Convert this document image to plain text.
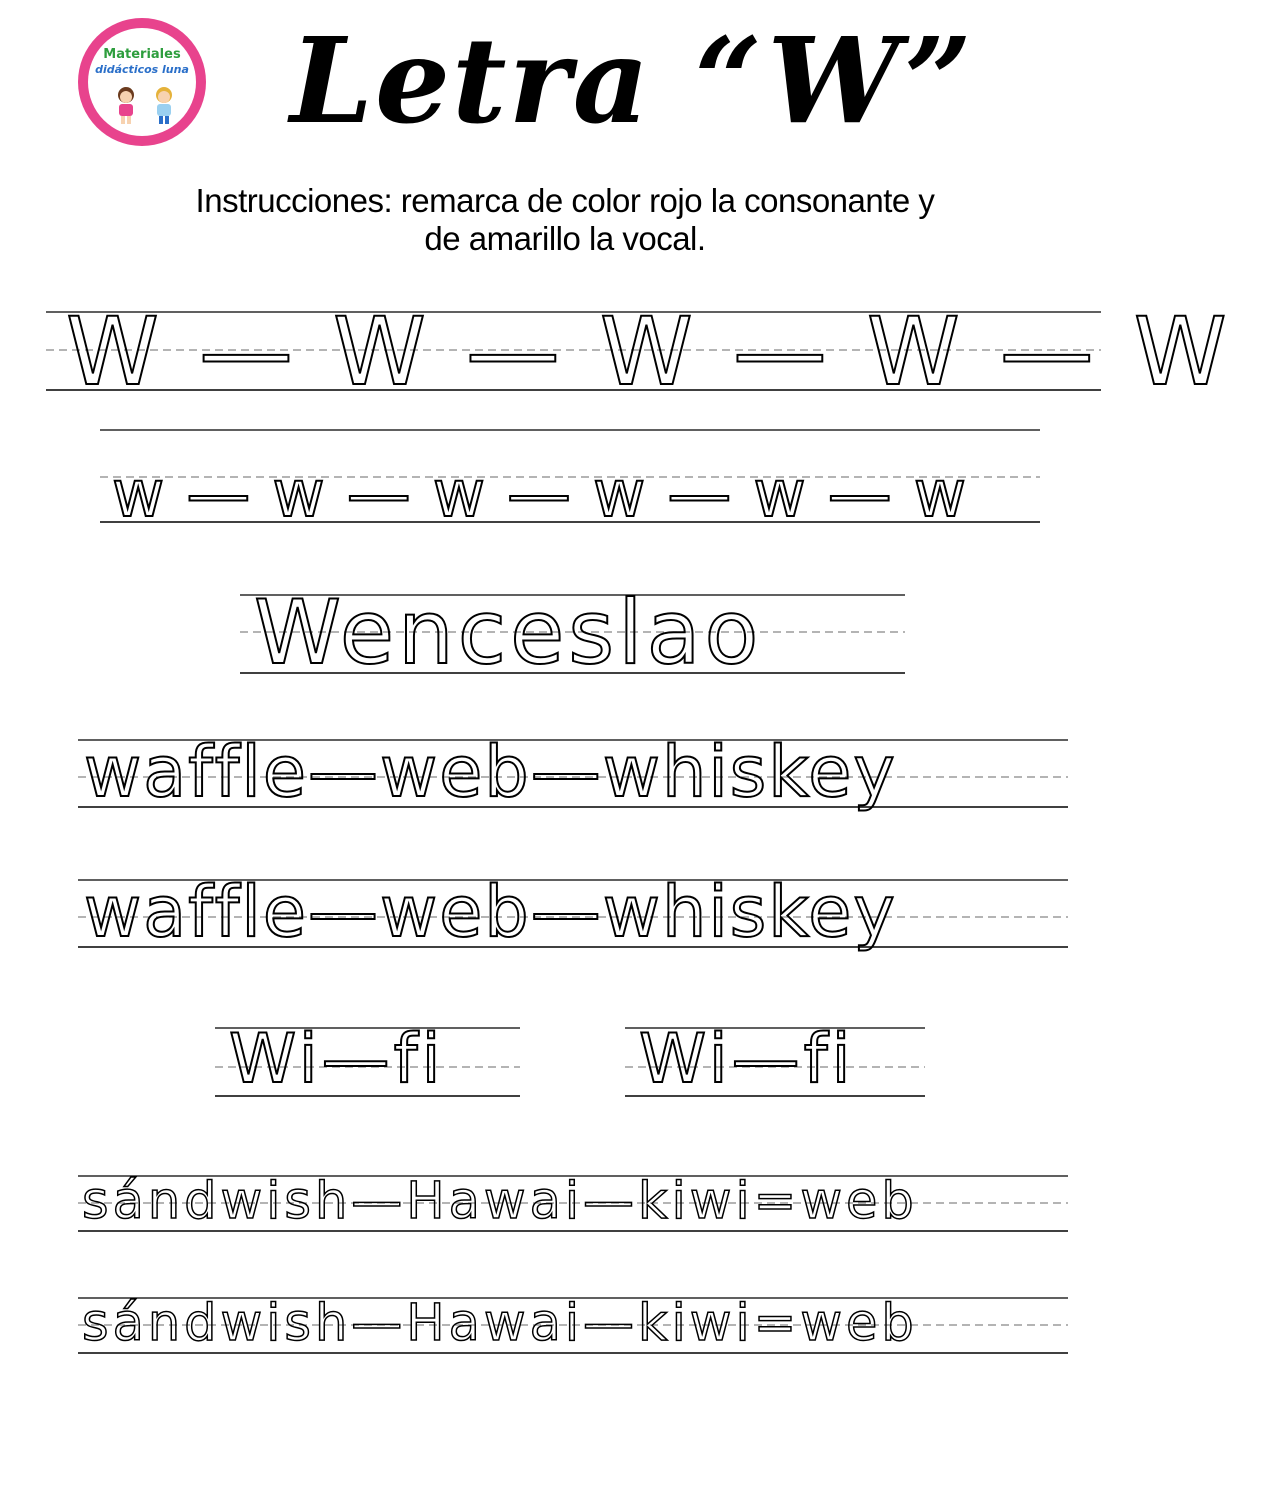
Materiales
didácticos luna Letra “W”
Instrucciones: remarca de color rojo la consonante y
de amarillo la vocal.
W—W—W—W—W
w—w—w—w—w—w
Wenceslao
waffle—web—whiskey
waffle—web—whiskey
Wi—fi	Wi—fi
sándwish—Hawai—kiwi=web
sándwish—Hawai—kiwi=web
